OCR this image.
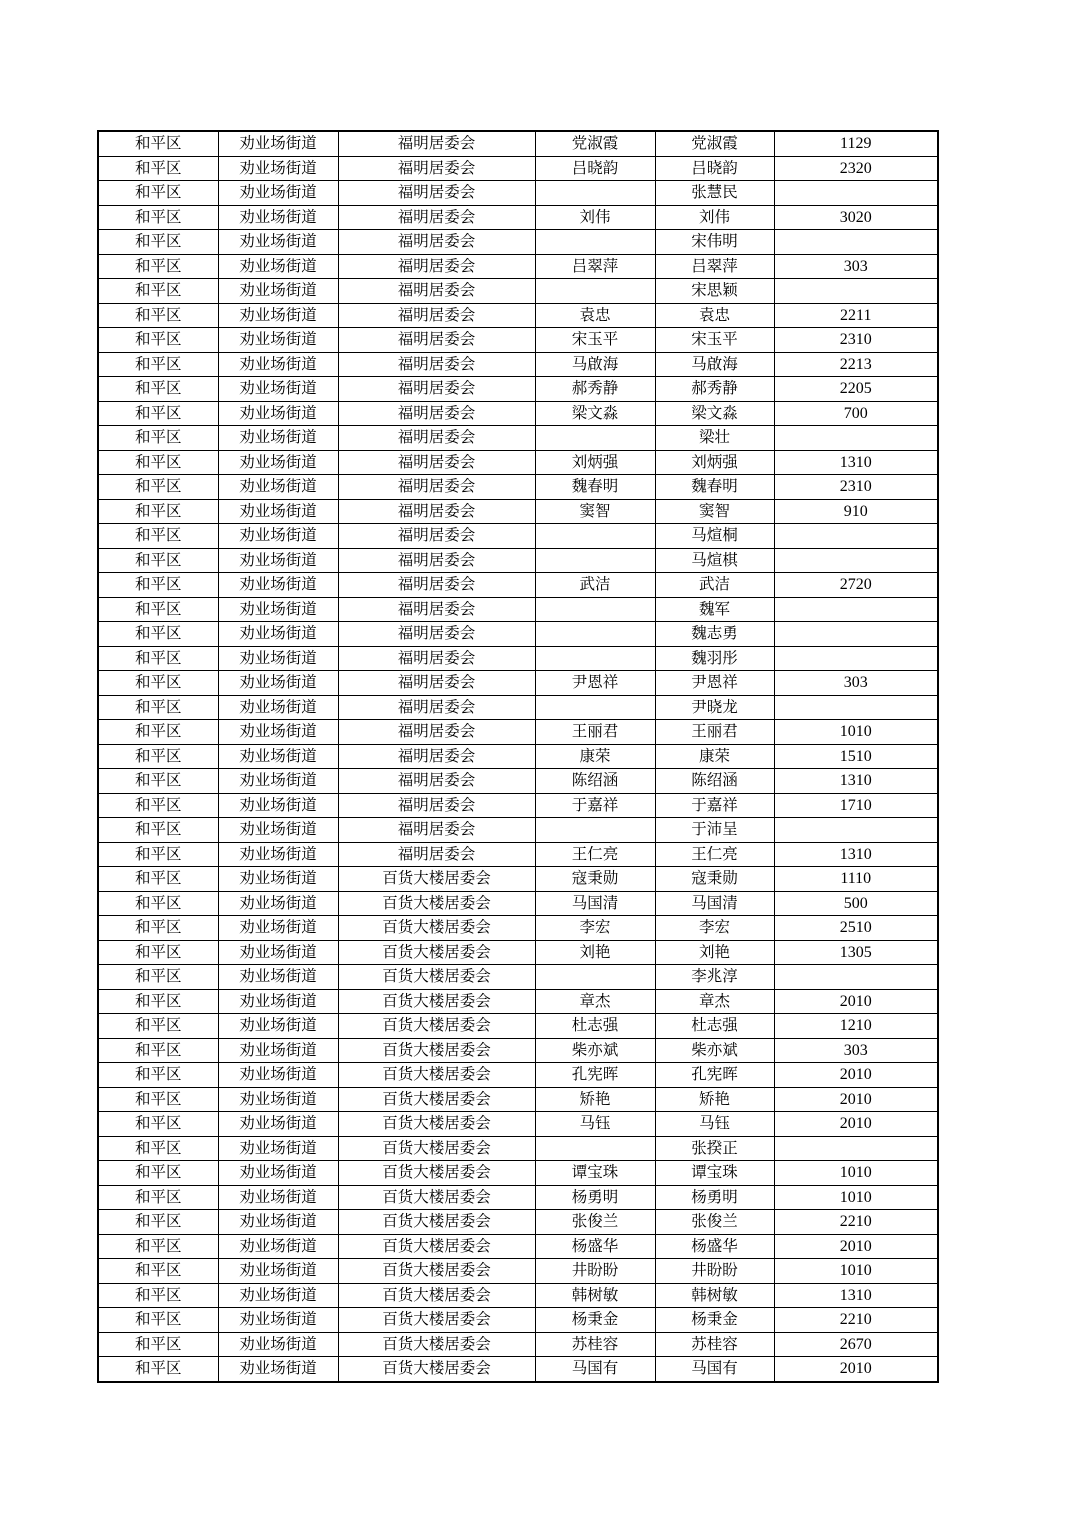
和平区	劝业场街道	福明居委会	党淑霞	党淑霞	1129
和平区	劝业场街道	福明居委会	吕晓韵	吕晓韵	2320
和平区	劝业场街道	福明居委会		张慧民	
和平区	劝业场街道	福明居委会	刘伟	刘伟	3020
和平区	劝业场街道	福明居委会		宋伟明	
和平区	劝业场街道	福明居委会	吕翠萍	吕翠萍	303
和平区	劝业场街道	福明居委会		宋思颖	
和平区	劝业场街道	福明居委会	袁忠	袁忠	2211
和平区	劝业场街道	福明居委会	宋玉平	宋玉平	2310
和平区	劝业场街道	福明居委会	马啟海	马啟海	2213
和平区	劝业场街道	福明居委会	郝秀静	郝秀静	2205
和平区	劝业场街道	福明居委会	梁文淼	梁文淼	700
和平区	劝业场街道	福明居委会		梁壮	
和平区	劝业场街道	福明居委会	刘炳强	刘炳强	1310
和平区	劝业场街道	福明居委会	魏春明	魏春明	2310
和平区	劝业场街道	福明居委会	窦智	窦智	910
和平区	劝业场街道	福明居委会		马煊桐	
和平区	劝业场街道	福明居委会		马煊棋	
和平区	劝业场街道	福明居委会	武洁	武洁	2720
和平区	劝业场街道	福明居委会		魏军	
和平区	劝业场街道	福明居委会		魏志勇	
和平区	劝业场街道	福明居委会		魏羽彤	
和平区	劝业场街道	福明居委会	尹恩祥	尹恩祥	303
和平区	劝业场街道	福明居委会		尹晓龙	
和平区	劝业场街道	福明居委会	王丽君	王丽君	1010
和平区	劝业场街道	福明居委会	康荣	康荣	1510
和平区	劝业场街道	福明居委会	陈绍涵	陈绍涵	1310
和平区	劝业场街道	福明居委会	于嘉祥	于嘉祥	1710
和平区	劝业场街道	福明居委会		于沛呈	
和平区	劝业场街道	福明居委会	王仁亮	王仁亮	1310
和平区	劝业场街道	百货大楼居委会	寇秉勋	寇秉勋	1110
和平区	劝业场街道	百货大楼居委会	马国清	马国清	500
和平区	劝业场街道	百货大楼居委会	李宏	李宏	2510
和平区	劝业场街道	百货大楼居委会	刘艳	刘艳	1305
和平区	劝业场街道	百货大楼居委会		李兆淳	
和平区	劝业场街道	百货大楼居委会	章杰	章杰	2010
和平区	劝业场街道	百货大楼居委会	杜志强	杜志强	1210
和平区	劝业场街道	百货大楼居委会	柴亦斌	柴亦斌	303
和平区	劝业场街道	百货大楼居委会	孔宪晖	孔宪晖	2010
和平区	劝业场街道	百货大楼居委会	矫艳	矫艳	2010
和平区	劝业场街道	百货大楼居委会	马钰	马钰	2010
和平区	劝业场街道	百货大楼居委会		张揆正	
和平区	劝业场街道	百货大楼居委会	谭宝珠	谭宝珠	1010
和平区	劝业场街道	百货大楼居委会	杨勇明	杨勇明	1010
和平区	劝业场街道	百货大楼居委会	张俊兰	张俊兰	2210
和平区	劝业场街道	百货大楼居委会	杨盛华	杨盛华	2010
和平区	劝业场街道	百货大楼居委会	井盼盼	井盼盼	1010
和平区	劝业场街道	百货大楼居委会	韩树敏	韩树敏	1310
和平区	劝业场街道	百货大楼居委会	杨秉金	杨秉金	2210
和平区	劝业场街道	百货大楼居委会	苏桂容	苏桂容	2670
和平区	劝业场街道	百货大楼居委会	马国有	马国有	2010
